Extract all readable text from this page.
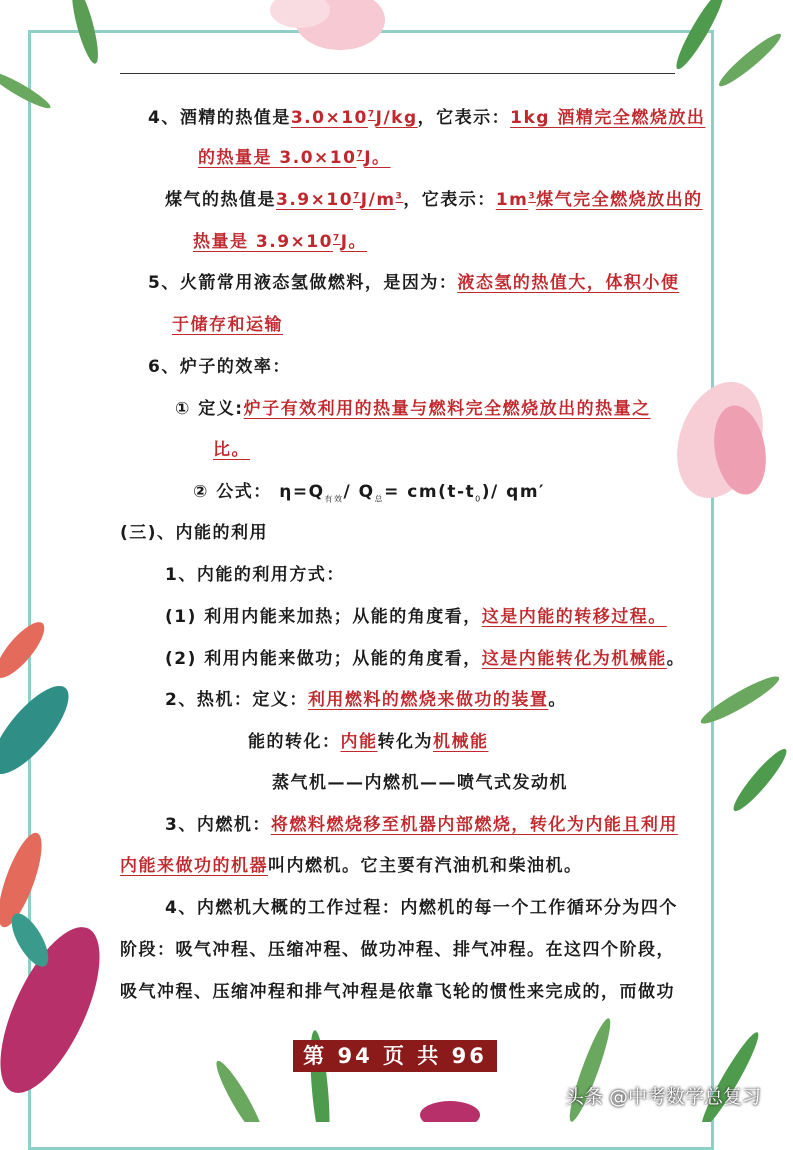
4、酒精的热值是$3.0\times 10^7J/kg$，它表示：1kg 酒精完全燃烧放出
的热量是 $3.0\times 10^7J$。
煤气的热值是$3.9\times 10^7J/m^3$，它表示：$1m^3$煤气完全燃烧放出的
热量是 $3.9\times 10^7J$。
5、火箭常用液态氢做燃料，是因为：液态氢的热值大，体积小便
于储存和运输
6、炉子的效率：
① 定义:炉子有效利用的热量与燃料完全燃烧放出的热量之
比。
② 公式： $\eta=Q_{有效}/$ $Q_总= cm(t-t_0)/$ qm′
(三)、内能的利用
1、内能的利用方式：
(1) 利用内能来加热；从能的角度看，这是内能的转移过程。
(2) 利用内能来做功；从能的角度看，这是内能转化为机械能。
2、热机：定义：利用燃料的燃烧来做功的装置。
能的转化：内能转化为机械能
蒸气机——内燃机——喷气式发动机
3、内燃机：将燃料燃烧移至机器内部燃烧，转化为内能且利用
内能来做功的机器叫内燃机。它主要有汽油机和柴油机。
4、内燃机大概的工作过程：内燃机的每一个工作循环分为四个
阶段：吸气冲程、压缩冲程、做功冲程、排气冲程。在这四个阶段，
吸气冲程、压缩冲程和排气冲程是依靠飞轮的惯性来完成的，而做功
第 94 页 共 96 页	头条 @中考数学总复习
